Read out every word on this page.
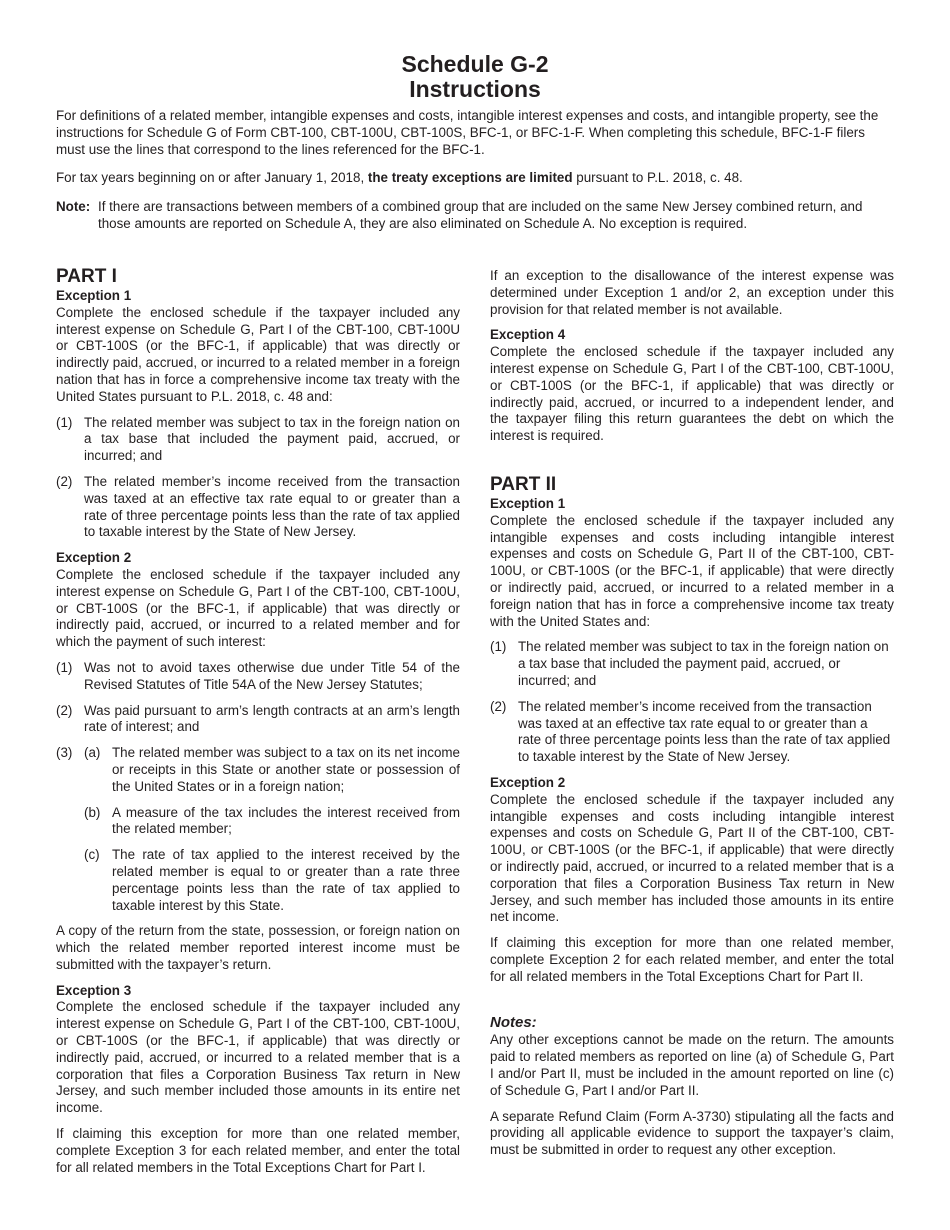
Schedule G-2
Instructions

For definitions of a related member, intangible expenses and costs, intangible interest expenses and costs, and intangible property, see the instructions for Schedule G of Form CBT-100, CBT-100U, CBT-100S, BFC-1, or BFC-1-F. When completing this schedule, BFC-1-F filers must use the lines that correspond to the lines referenced for the BFC-1.

For tax years beginning on or after January 1, 2018, the treaty exceptions are limited pursuant to P.L. 2018, c. 48.

Note: If there are transactions between members of a combined group that are included on the same New Jersey combined return, and those amounts are reported on Schedule A, they are also eliminated on Schedule A. No exception is required.
PART I
Exception 1

Complete the enclosed schedule if the taxpayer included any interest expense on Schedule G, Part I of the CBT-100, CBT-100U or CBT-100S (or the BFC-1, if applicable) that was directly or indirectly paid, accrued, or incurred to a related member in a foreign nation that has in force a comprehensive income tax treaty with the United States pursuant to P.L. 2018, c. 48 and:

(1) The related member was subject to tax in the foreign nation on a tax base that included the payment paid, accrued, or incurred; and
(2) The related member’s income received from the transaction was taxed at an effective tax rate equal to or greater than a rate of three percentage points less than the rate of tax applied to taxable interest by the State of New Jersey.
Exception 2

Complete the enclosed schedule if the taxpayer included any interest expense on Schedule G, Part I of the CBT-100, CBT-100U, or CBT-100S (or the BFC-1, if applicable) that was directly or indirectly paid, accrued, or incurred to a related member and for which the payment of such interest:

(1) Was not to avoid taxes otherwise due under Title 54 of the Revised Statutes of Title 54A of the New Jersey Statutes;
(2) Was paid pursuant to arm’s length contracts at an arm’s length rate of interest; and
(3) (a) The related member was subject to a tax on its net income or receipts in this State or another state or possession of the United States or in a foreign nation;
(b) A measure of the tax includes the interest received from the related member;
(c) The rate of tax applied to the interest received by the related member is equal to or greater than a rate three percentage points less than the rate of tax applied to taxable interest by this State.

A copy of the return from the state, possession, or foreign nation on which the related member reported interest income must be submitted with the taxpayer’s return.

Exception 3

Complete the enclosed schedule if the taxpayer included any interest expense on Schedule G, Part I of the CBT-100, CBT-100U, or CBT-100S (or the BFC-1, if applicable) that was directly or indirectly paid, accrued, or incurred to a related member that is a corporation that files a Corporation Business Tax return in New Jersey, and such member included those amounts in its entire net income.

If claiming this exception for more than one related member, complete Exception 3 for each related member, and enter the total for all related members in the Total Exceptions Chart for Part I.

If an exception to the disallowance of the interest expense was determined under Exception 1 and/or 2, an exception under this provision for that related member is not available.

Exception 4

Complete the enclosed schedule if the taxpayer included any interest expense on Schedule G, Part I of the CBT-100, CBT-100U, or CBT-100S (or the BFC-1, if applicable) that was directly or indirectly paid, accrued, or incurred to a independent lender, and the taxpayer filing this return guarantees the debt on which the interest is required.

PART II
Exception 1

Complete the enclosed schedule if the taxpayer included any intangible expenses and costs including intangible interest expenses and costs on Schedule G, Part II of the CBT-100, CBT-100U, or CBT-100S (or the BFC-1, if applicable) that were directly or indirectly paid, accrued, or incurred to a related member in a foreign nation that has in force a comprehensive income tax treaty with the United States and:

(1) The related member was subject to tax in the foreign nation on a tax base that included the payment paid, accrued, or incurred; and
(2) The related member’s income received from the transaction was taxed at an effective tax rate equal to or greater than a rate of three percentage points less than the rate of tax applied to taxable interest by the State of New Jersey.
Exception 2

Complete the enclosed schedule if the taxpayer included any intangible expenses and costs including intangible interest expenses and costs on Schedule G, Part II of the CBT-100, CBT-100U, or CBT-100S (or the BFC-1, if applicable) that were directly or indirectly paid, accrued, or incurred to a related member that is a corporation that files a Corporation Business Tax return in New Jersey, and such member has included those amounts in its entire net income.

If claiming this exception for more than one related member, complete Exception 2 for each related member, and enter the total for all related members in the Total Exceptions Chart for Part II.

Notes:

Any other exceptions cannot be made on the return. The amounts paid to related members as reported on line (a) of Schedule G, Part I and/or Part II, must be included in the amount reported on line (c) of Schedule G, Part I and/or Part II.

A separate Refund Claim (Form A-3730) stipulating all the facts and providing all applicable evidence to support the taxpayer’s claim, must be submitted in order to request any other exception.
